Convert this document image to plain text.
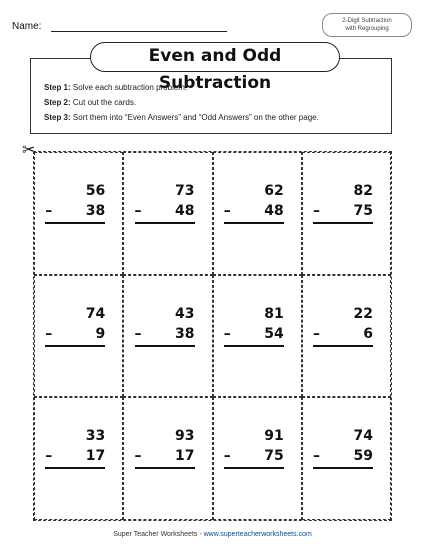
Name:	2-Digit Subtraction
with Regrouping
Even and Odd Subtraction
Step 1: Solve each subtraction problem.
Step 2: Cut out the cards.
Step 3: Sort them into “Even Answers” and “Odd Answers” on the other page.
✂
56
– 38
73
– 48
62
– 48
82
– 75
74
–	9
43
– 38
81
– 54
22
–	6
33
– 17
93
– 17
91
– 75
74
– 59
Super Teacher Worksheets - www.superteacherworksheets.com
